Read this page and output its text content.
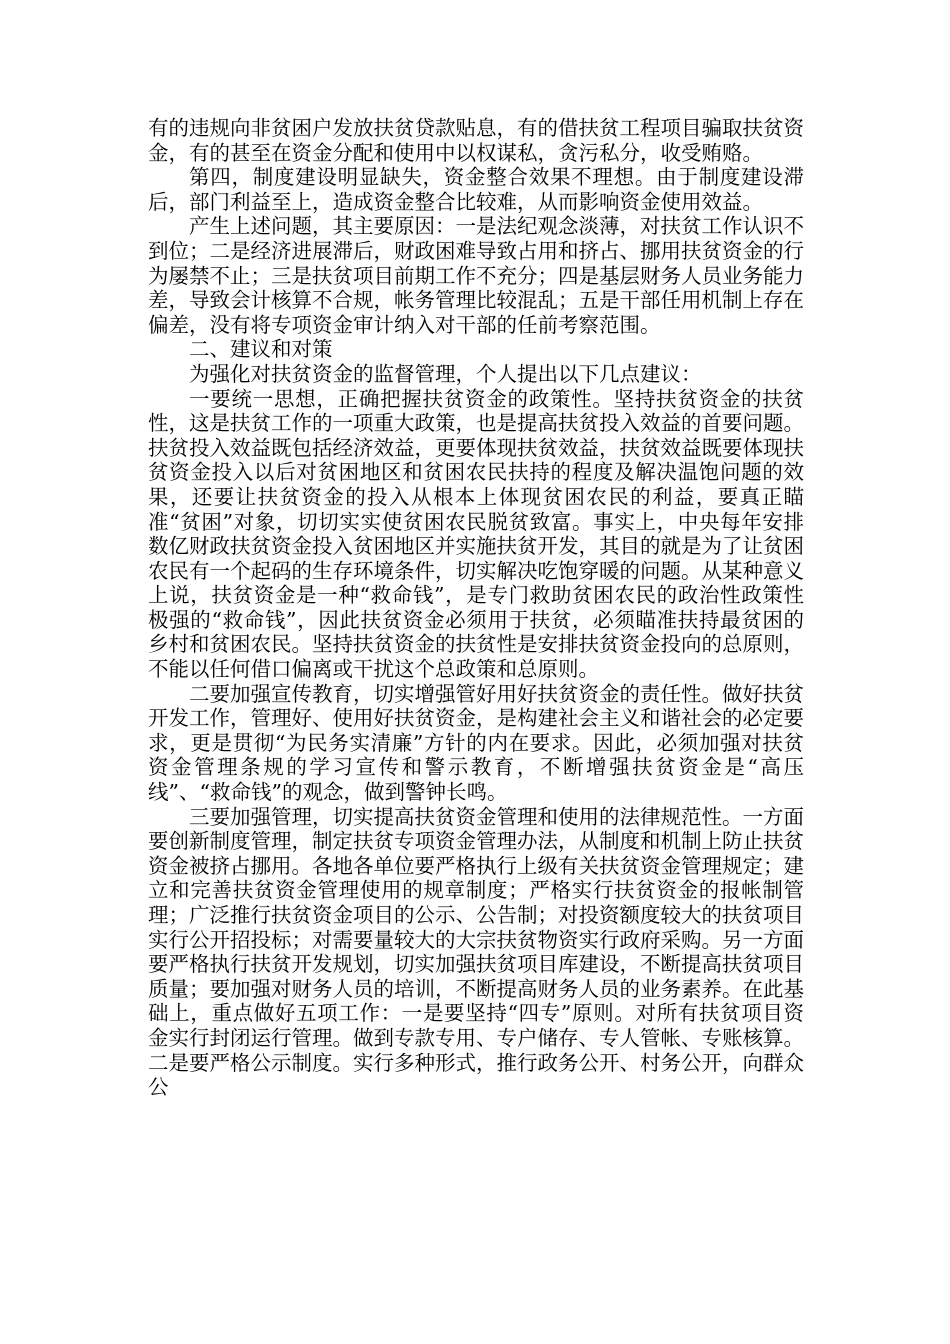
有的违规向非贫困户发放扶贫贷款贴息，有的借扶贫工程项目骗取扶贫资金，有的甚至在资金分配和使用中以权谋私，贪污私分，收受贿赂。

第四，制度建设明显缺失，资金整合效果不理想。由于制度建设滞后，部门利益至上，造成资金整合比较难，从而影响资金使用效益。

产生上述问题，其主要原因：一是法纪观念淡薄，对扶贫工作认识不到位；二是经济进展滞后，财政困难导致占用和挤占、挪用扶贫资金的行为屡禁不止；三是扶贫项目前期工作不充分；四是基层财务人员业务能力差，导致会计核算不合规，帐务管理比较混乱；五是干部任用机制上存在偏差，没有将专项资金审计纳入对干部的任前考察范围。

二、建议和对策

为强化对扶贫资金的监督管理，个人提出以下几点建议：

一要统一思想，正确把握扶贫资金的政策性。坚持扶贫资金的扶贫性，这是扶贫工作的一项重大政策，也是提高扶贫投入效益的首要问题。扶贫投入效益既包括经济效益，更要体现扶贫效益，扶贫效益既要体现扶贫资金投入以后对贫困地区和贫困农民扶持的程度及解决温饱问题的效果，还要让扶贫资金的投入从根本上体现贫困农民的利益，要真正瞄准“贫困”对象，切切实实使贫困农民脱贫致富。事实上，中央每年安排数亿财政扶贫资金投入贫困地区并实施扶贫开发，其目的就是为了让贫困农民有一个起码的生存环境条件，切实解决吃饱穿暖的问题。从某种意义上说，扶贫资金是一种“救命钱”，是专门救助贫困农民的政治性政策性极强的“救命钱”，因此扶贫资金必须用于扶贫，必须瞄准扶持最贫困的乡村和贫困农民。坚持扶贫资金的扶贫性是安排扶贫资金投向的总原则，不能以任何借口偏离或干扰这个总政策和总原则。

二要加强宣传教育，切实增强管好用好扶贫资金的责任性。做好扶贫开发工作，管理好、使用好扶贫资金，是构建社会主义和谐社会的必定要求，更是贯彻“为民务实清廉”方针的内在要求。因此，必须加强对扶贫资金管理条规的学习宣传和警示教育，不断增强扶贫资金是“高压线”、“救命钱”的观念，做到警钟长鸣。

三要加强管理，切实提高扶贫资金管理和使用的法律规范性。一方面要创新制度管理，制定扶贫专项资金管理办法，从制度和机制上防止扶贫资金被挤占挪用。各地各单位要严格执行上级有关扶贫资金管理规定；建立和完善扶贫资金管理使用的规章制度；严格实行扶贫资金的报帐制管理；广泛推行扶贫资金项目的公示、公告制；对投资额度较大的扶贫项目实行公开招投标；对需要量较大的大宗扶贫物资实行政府采购。另一方面要严格执行扶贫开发规划，切实加强扶贫项目库建设，不断提高扶贫项目质量；要加强对财务人员的培训，不断提高财务人员的业务素养。在此基础上，重点做好五项工作：一是要坚持“四专”原则。对所有扶贫项目资金实行封闭运行管理。做到专款专用、专户储存、专人管帐、专账核算。二是要严格公示制度。实行多种形式，推行政务公开、村务公开，向群众公
